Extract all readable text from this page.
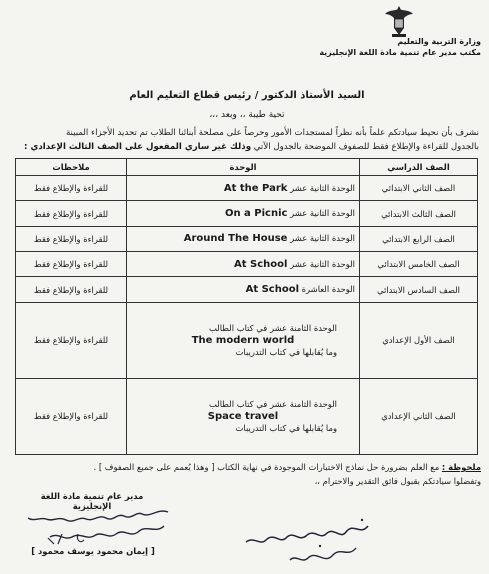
وزارة التربية والتعليم
مكتب مدير عام تنمية مادة اللغة الإنجليزية
السيد الأستاذ الدكتور / رئيس قطاع التعليم العام
تحية طيبة ،، وبعد ،،،
نشرف بأن نحيط سيادتكم علماً بأنه نظراً لمستجدات الأمور وحرصاً على مصلحة أبنائنا الطلاب تم تحديد الأجزاء المبينة
بالجدول للقراءة والإطلاع فقط للصفوف الموضحة بالجدول الآتي وذلك غير ساري المفعول على الصف الثالث الإعدادي :
الصف الدراسي	الوحدة	ملاحظات
الصف الثاني الابتدائي	الوحدة الثانية عشر At the Park	للقراءة والإطلاع فقط
الصف الثالث الابتدائي	الوحدة الثانية عشر On a Picnic	للقراءة والإطلاع فقط
الصف الرابع الابتدائي	الوحدة الثانية عشر Around The House	للقراءة والإطلاع فقط
الصف الخامس الابتدائي	الوحدة الثانية عشر At School	للقراءة والإطلاع فقط
الصف السادس الابتدائي	الوحدة العاشرة At School	للقراءة والإطلاع فقط
الصف الأول الإعدادي	الوحدة الثامنة عشر في كتاب الطالب
The modern world
وما يُقابلها في كتاب التدريبات	للقراءة والإطلاع فقط
الصف الثاني الإعدادي	الوحدة الثامنة عشر في كتاب الطالب
Space travel
وما يُقابلها في كتاب التدريبات	للقراءة والإطلاع فقط
ملحوظة : مع العلم بضرورة حل نماذج الاختبارات الموجودة في نهاية الكتاب [ وهذا يُعمم على جميع الصفوف ] .
وتفضلوا سيادتكم بقبول فائق التقدير والاحترام ،،
مدير عام تنمية مادة اللغة الإنجليزية
[ إيمان محمود يوسف محمود ]
